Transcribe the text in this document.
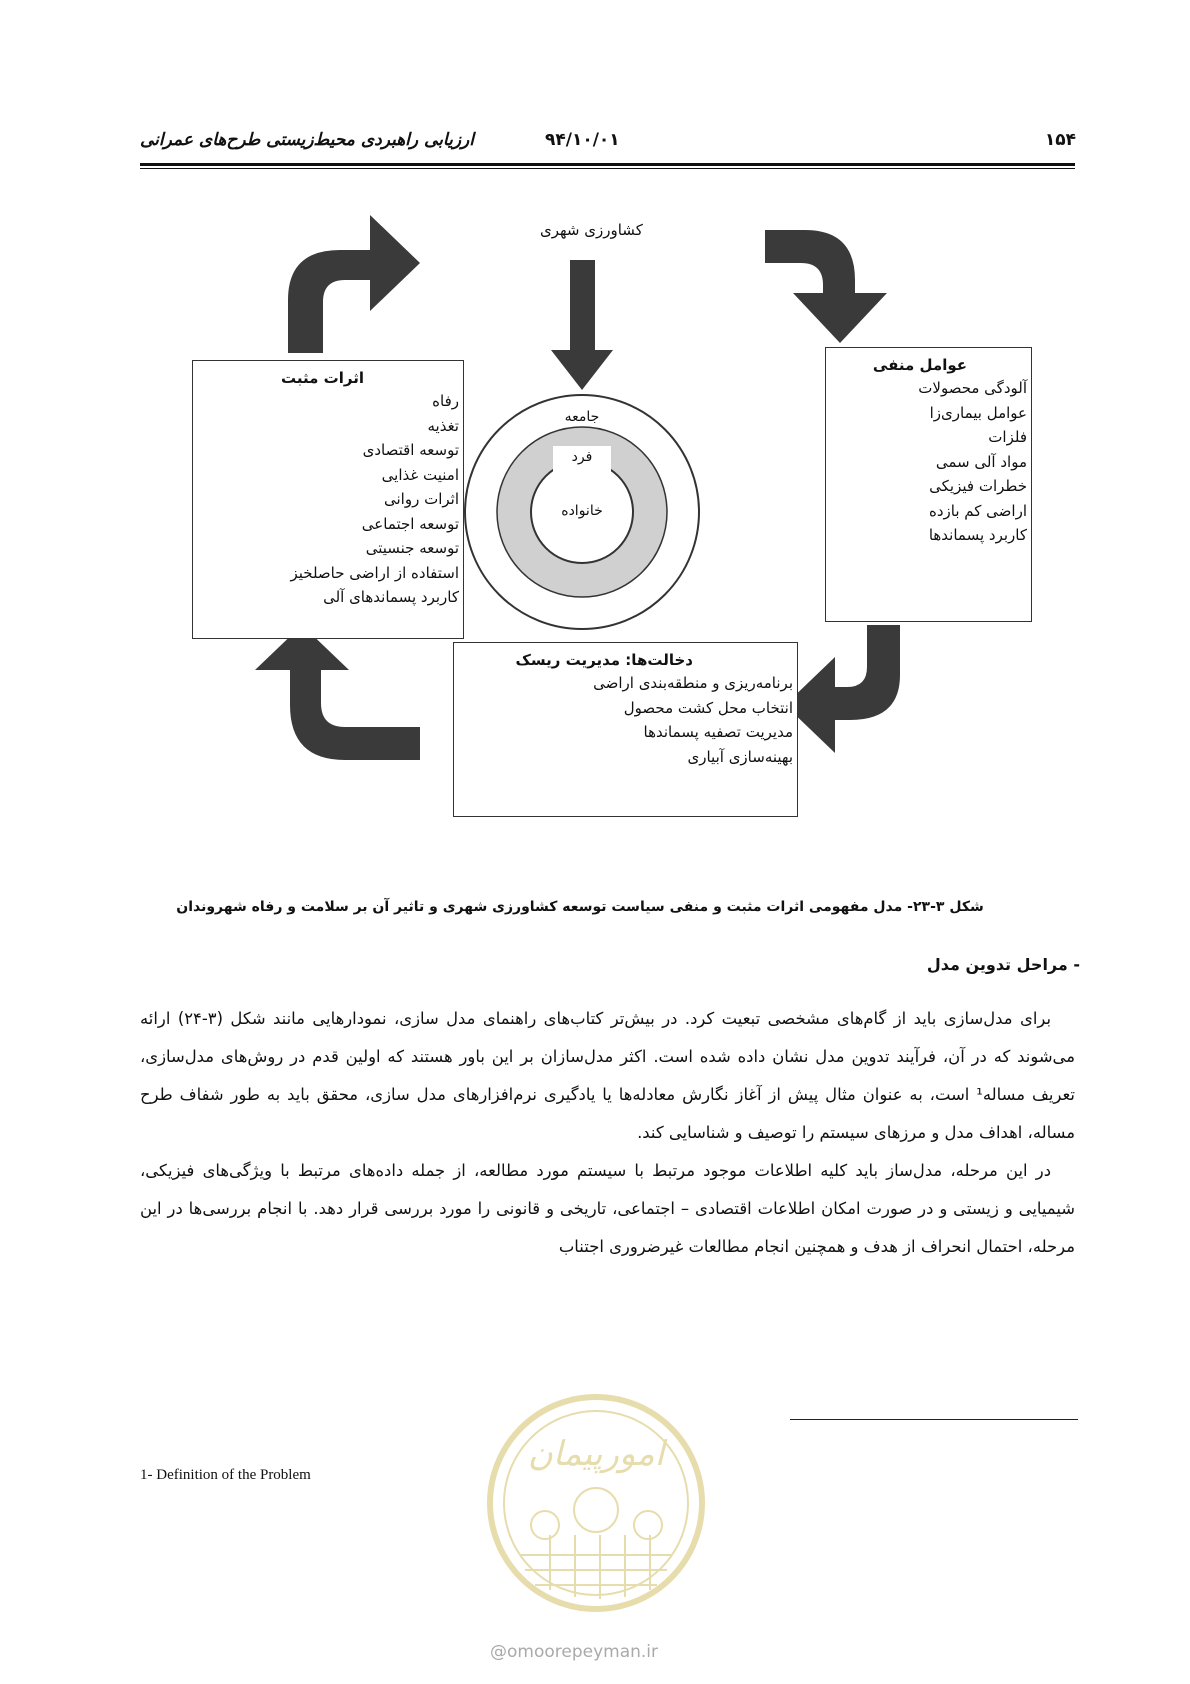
۱۵۴
۹۴/۱۰/۰۱
ارزیابی راهبردی محیط‌زیستی طرح‌های عمرانی
کشاورزی شهری
جامعه
فرد
خانواده
اثرات مثبت
رفاه
تغذیه
توسعه اقتصادی
امنیت غذایی
اثرات روانی
توسعه اجتماعی
توسعه جنسیتی
استفاده از اراضی حاصلخیز
کاربرد پسماندهای آلی
عوامل منفی
آلودگی محصولات
عوامل بیماری‌زا
فلزات
مواد آلی سمی
خطرات فیزیکی
اراضی کم بازده
کاربرد پسماندها
دخالت‌ها: مدیریت ریسک
برنامه‌ریزی و منطقه‌بندی اراضی
انتخاب محل کشت محصول
مدیریت تصفیه پسماندها
بهینه‌سازی آبیاری
شکل ۳-۲۳- مدل مفهومی اثرات مثبت و منفی سیاست توسعه کشاورزی شهری و تاثیر آن بر سلامت و رفاه شهروندان
- مراحل تدوین مدل

برای مدل‌سازی باید از گام‌های مشخصی تبعیت کرد. در بیش‌تر کتاب‌های راهنمای مدل سازی، نمودارهایی مانند شکل (۳-۲۴) ارائه می‌شوند که در آن، فرآیند تدوین مدل نشان داده شده است. اکثر مدل‌سازان بر این باور هستند که اولین قدم در روش‌های مدل‌سازی، تعریف مساله¹ است، به عنوان مثال پیش از آغاز نگارش معادله‌ها یا یادگیری نرم‌افزارهای مدل سازی، محقق باید به طور شفاف طرح مساله، اهداف مدل و مرزهای سیستم را توصیف و شناسایی کند.

در این مرحله، مدل‌ساز باید کلیه اطلاعات موجود مرتبط با سیستم مورد مطالعه، از جمله داده‌های مرتبط با ویژگی‌های فیزیکی، شیمیایی و زیستی و در صورت امکان اطلاعات اقتصادی – اجتماعی، تاریخی و قانونی را مورد بررسی قرار دهد. با انجام بررسی‌ها در این مرحله، احتمال انحراف از هدف و همچنین انجام مطالعات غیرضروری اجتناب

1- Definition of the Problem
امورپیمان
@omoorepeyman.ir
